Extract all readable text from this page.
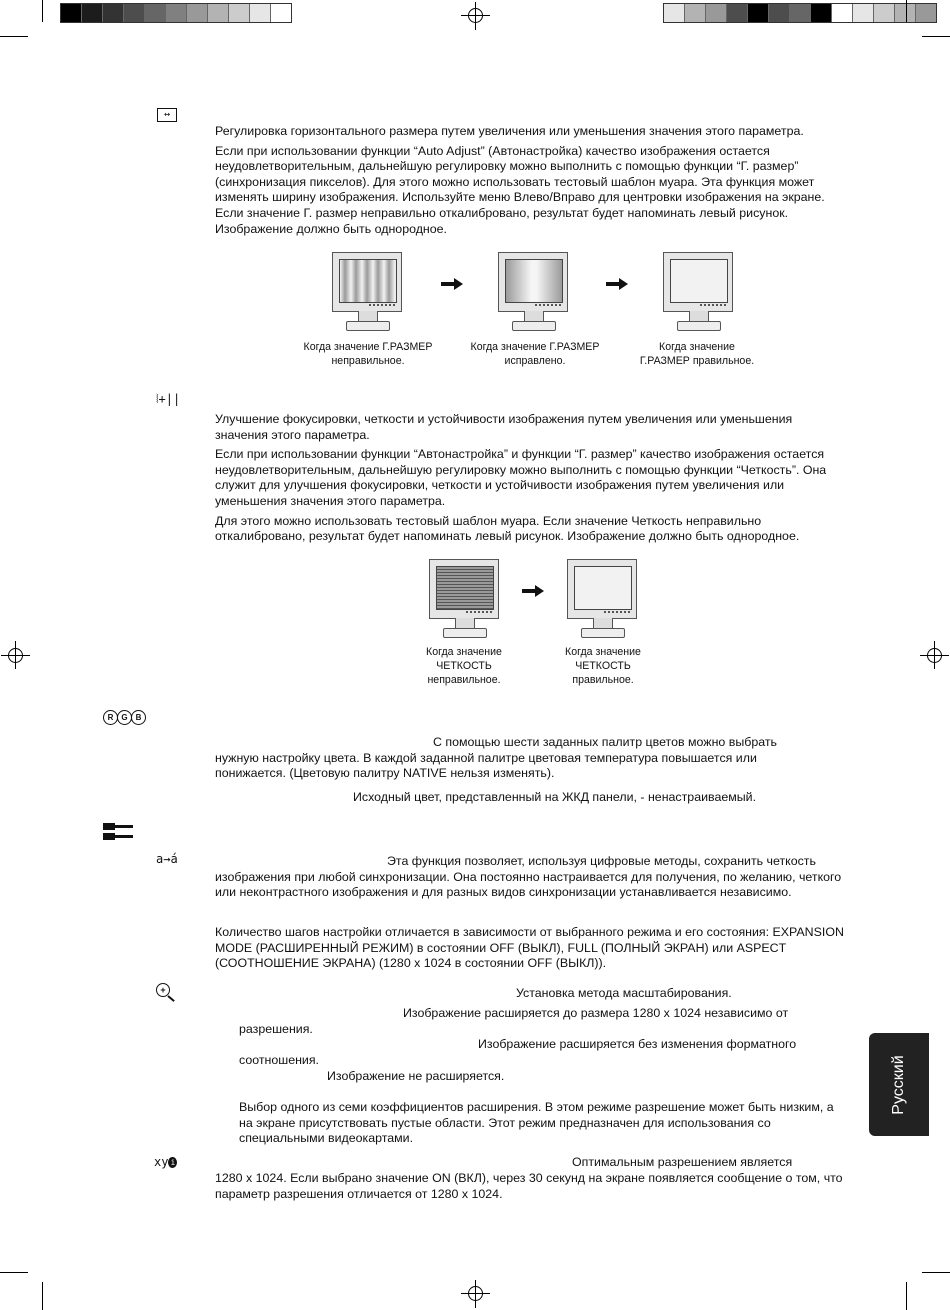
↔

Регулировка горизонтального размера путем увеличения или уменьшения значения этого параметра.

Если при использовании функции “Auto Adjust” (Автонастройка) качество изображения остается неудовлетворительным, дальнейшую регулировку можно выполнить с помощью функции “Г. размер” (синхронизация пикселов). Для этого можно использовать тестовый шаблон муара. Эта функция может изменять ширину изображения. Используйте меню Влево/Вправо для центровки изображения на экране. Если значение Г. размер неправильно откалибровано, результат будет напоминать левый рисунок. Изображение должно быть однородное.

Когда значение Г.РАЗМЕР
неправильное.
Когда значение Г.РАЗМЕР
исправлено.
Когда значение
Г.РАЗМЕР правильное.
⦚+||

Улучшение фокусировки, четкости и устойчивости изображения путем увеличения или уменьшения значения этого параметра.

Если при использовании функции “Автонастройка” и функции “Г. размер” качество изображения остается неудовлетворительным, дальнейшую регулировку можно выполнить с помощью функции “Четкость”. Она служит для улучшения фокусировки, четкости и устойчивости изображения путем увеличения или уменьшения значения этого параметра.

Для этого можно использовать тестовый шаблон муара. Если значение Четкость неправильно откалибровано, результат будет напоминать левый рисунок. Изображение должно быть однородное.

Когда значение
ЧЕТКОСТЬ
неправильное.
Когда значение
ЧЕТКОСТЬ
правильное.
R G	B
С помощью шести заданных палитр цветов можно выбрать нужную настройку цвета. В каждой заданной палитре цветовая температура повышается или понижается. (Цветовую палитру NATIVE нельзя изменять).
Исходный цвет, представленный на ЖКД панели, - ненастраиваемый.
a→á	Эта функция позволяет, используя цифровые методы, сохранить четкость изображения при любой синхронизации. Она постоянно настраивается для получения, по желанию, четкого или неконтрастного изображения и для разных видов синхронизации устанавливается независимо.
Количество шагов настройки отличается в зависимости от выбранного режима и его состояния: EXPANSION MODE (РАСШИРЕННЫЙ РЕЖИМ) в состоянии OFF (ВЫКЛ), FULL (ПОЛНЫЙ ЭКРАН) или ASPECT (СООТНОШЕНИЕ ЭКРАНА) (1280 x 1024 в состоянии OFF (ВЫКЛ)).
+	Установка метода масштабирования.
Изображение расширяется до размера 1280 x 1024 независимо от
разрешения.
Изображение расширяется без изменения форматного
соотношения.
Изображение не расширяется.
Выбор одного из семи коэффициентов расширения. В этом режиме разрешение может быть низким, а на экране присутствовать пустые области. Этот режим предназначен для использования со специальными видеокартами.
xy i	Оптимальным разрешением является
1280 x 1024. Если выбрано значение ON (ВКЛ), через 30 секунд на экране появляется сообщение о том, что параметр разрешения отличается от 1280 x 1024.
Русский
